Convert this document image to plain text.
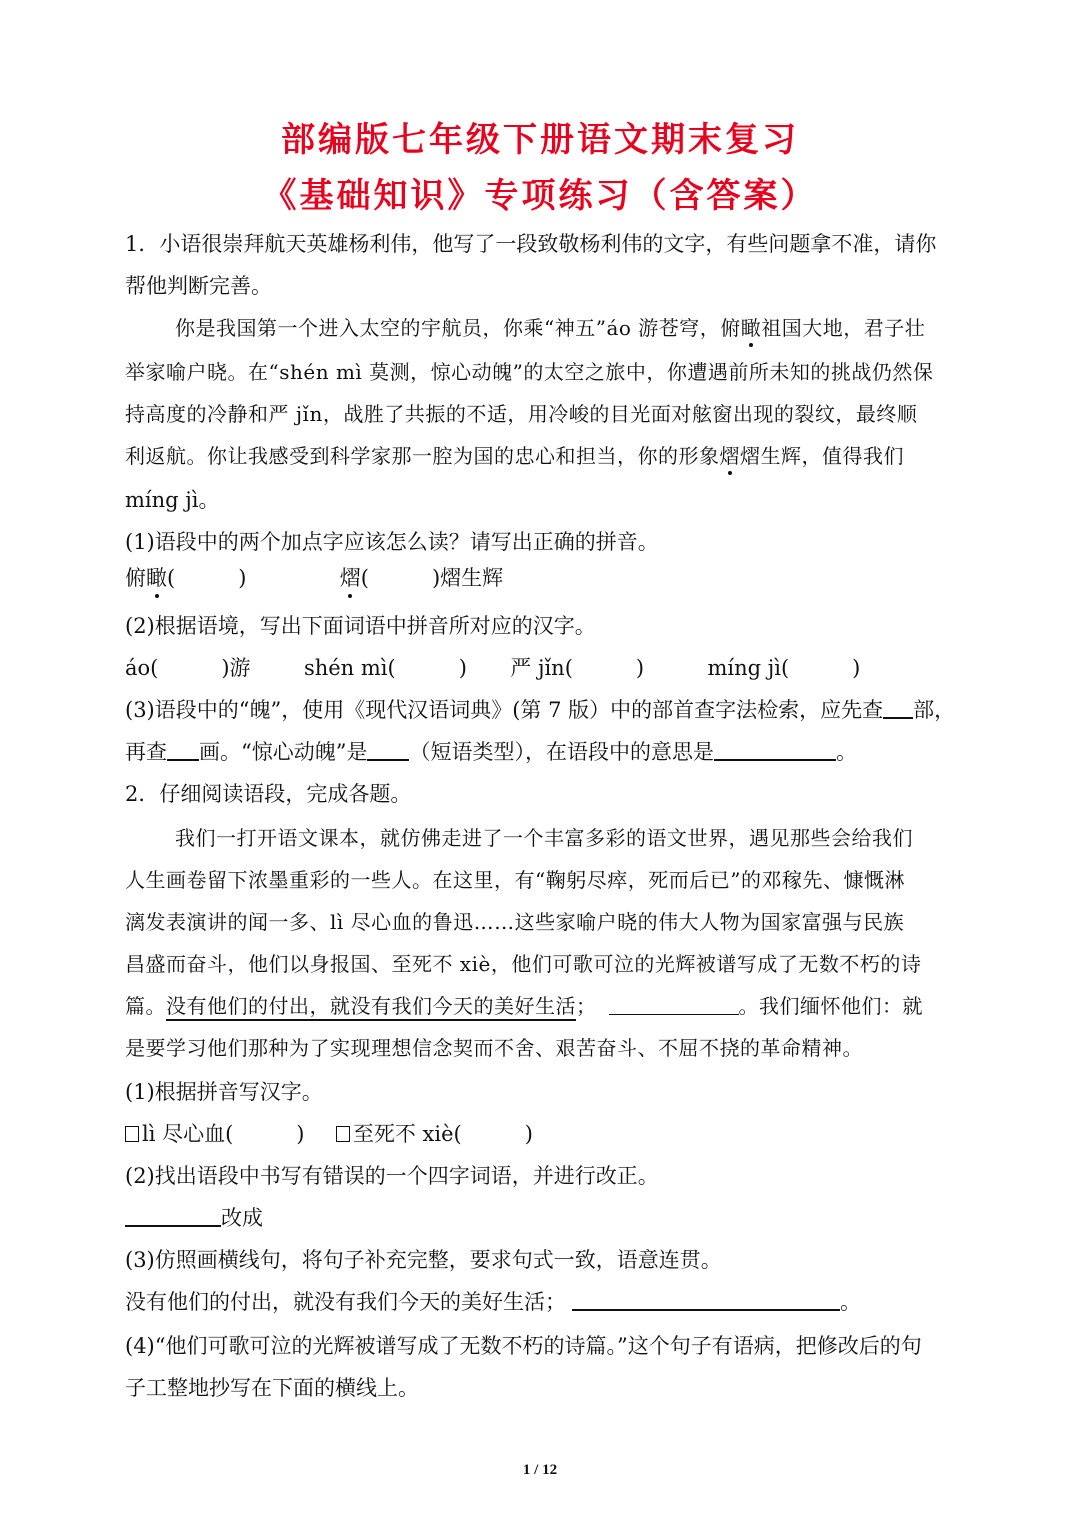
部编版七年级下册语文期末复习
《基础知识》专项练习（含答案）
1．小语很崇拜航天英雄杨利伟，他写了一段致敬杨利伟的文字，有些问题拿不准，请你
帮他判断完善。
你是我国第一个进入太空的宇航员，你乘“神五”áo 游苍穹，俯瞰祖国大地，君子壮
举家喻户晓。在“shén mì 莫测，惊心动魄”的太空之旅中，你遭遇前所未知的挑战仍然保
持高度的冷静和严 jǐn，战胜了共振的不适，用冷峻的目光面对舷窗出现的裂纹，最终顺
利返航。你让我感受到科学家那一腔为国的忠心和担当，你的形象熠熠生辉，值得我们
míng jì。
(1)语段中的两个加点字应该怎么读？请写出正确的拼音。
俯瞰(　　　)	熠(　　　)熠生辉
(2)根据语境，写出下面词语中拼音所对应的汉字。
áo(　　　)游	shén mì(　　　) 严 jǐn(　　　)	míng jì(　　　)
(3)语段中的“魄”，使用《现代汉语词典》(第 7 版）中的部首查字法检索，应先查 部，
再查 画。“惊心动魄”是 （短语类型），在语段中的意思是	。
2．仔细阅读语段，完成各题。
我们一打开语文课本，就仿佛走进了一个丰富多彩的语文世界，遇见那些会给我们
人生画卷留下浓墨重彩的一些人。在这里，有“鞠躬尽瘁，死而后已”的邓稼先、慷慨淋
漓发表演讲的闻一多、lì 尽心血的鲁迅……这些家喻户晓的伟大人物为国家富强与民族
昌盛而奋斗，他们以身报国、至死不 xiè，他们可歌可泣的光辉被谱写成了无数不朽的诗
篇。没有他们的付出，就没有我们今天的美好生活；	。我们缅怀他们：就
是要学习他们那种为了实现理想信念契而不舍、艰苦奋斗、不屈不挠的革命精神。
(1)根据拼音写汉字。
lì 尽心血(　　　) 至死不 xiè(　　　)
(2)找出语段中书写有错误的一个四字词语，并进行改正。
改成
(3)仿照画横线句，将句子补充完整，要求句式一致，语意连贯。
没有他们的付出，就没有我们今天的美好生活；	。
(4)“他们可歌可泣的光辉被谱写成了无数不朽的诗篇。”这个句子有语病，把修改后的句
子工整地抄写在下面的横线上。
1 / 12
